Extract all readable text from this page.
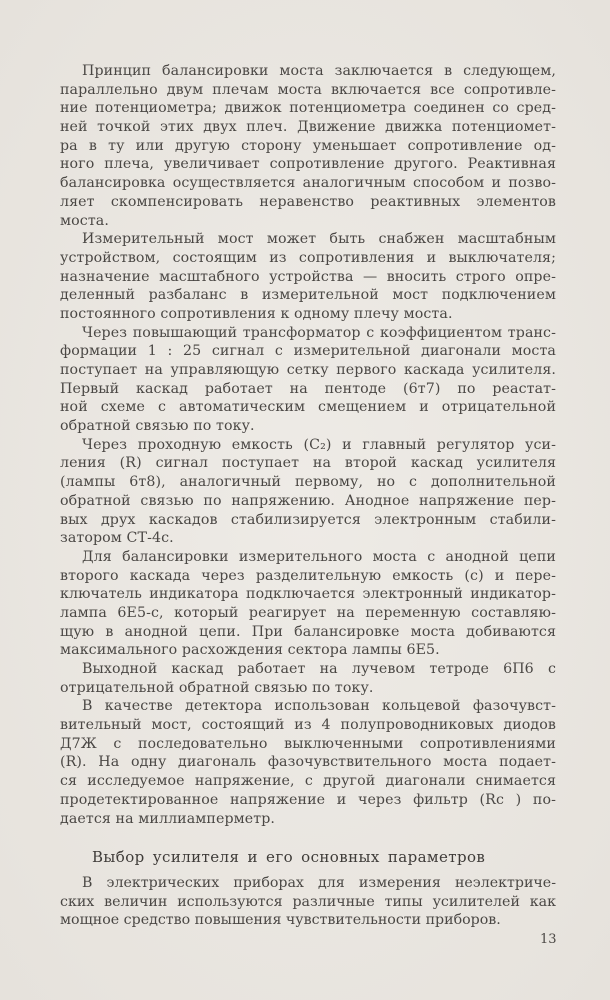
Принцип балансировки моста заключается в следующем,
параллельно двум плечам моста включается все сопротивле-
ние потенциометра; движок потенциометра соединен со сред-
ней точкой этих двух плеч. Движение движка потенциомет-
ра в ту или другую сторону уменьшает сопротивление од-
ного плеча, увеличивает сопротивление другого. Реактивная
балансировка осуществляется аналогичным способом и позво-
ляет скомпенсировать неравенство реактивных элементов
моста.
Измерительный мост может быть снабжен масштабным
устройством, состоящим из сопротивления и выключателя;
назначение масштабного устройства — вносить строго опре-
деленный разбаланс в измерительной мост подключением
постоянного сопротивления к одному плечу моста.
Через повышающий трансформатор с коэффициентом транс-
формации 1 : 25 сигнал с измерительной диагонали моста
поступает на управляющую сетку первого каскада усилителя.
Первый каскад работает на пентоде (6т7) по реастат-
ной схеме с автоматическим смещением и отрицательной
обратной связью по току.
Через проходную емкость (C₂) и главный регулятор уси-
ления (R) сигнал поступает на второй каскад усилителя
(лампы 6т8), аналогичный первому, но с дополнительной
обратной связью по напряжению. Анодное напряжение пер-
вых друх каскадов стабилизируется электронным стабили-
затором СТ-4с.
Для балансировки измерительного моста с анодной цепи
второго каскада через разделительную емкость (с) и пере-
ключатель индикатора подключается электронный индикатор-
лампа 6Е5-с, который реагирует на переменную составляю-
щую в анодной цепи. При балансировке моста добиваются
максимального расхождения сектора лампы 6Е5.
Выходной каскад работает на лучевом тетроде 6П6 с
отрицательной обратной связью по току.
В качестве детектора использован кольцевой фазочувст-
вительный мост, состоящий из 4 полупроводниковых диодов
Д7Ж с последовательно выключенными сопротивлениями
(R). На одну диагональ фазочувствительного моста подает-
ся исследуемое напряжение, с другой диагонали снимается
продетектированное напряжение и через фильтр (Rc ) по-
дается на миллиамперметр.
Выбор усилителя и его основных параметров
В электрических приборах для измерения неэлектриче-
ских величин используются различные типы усилителей как
мощное средство повышения чувствительности приборов.
13
